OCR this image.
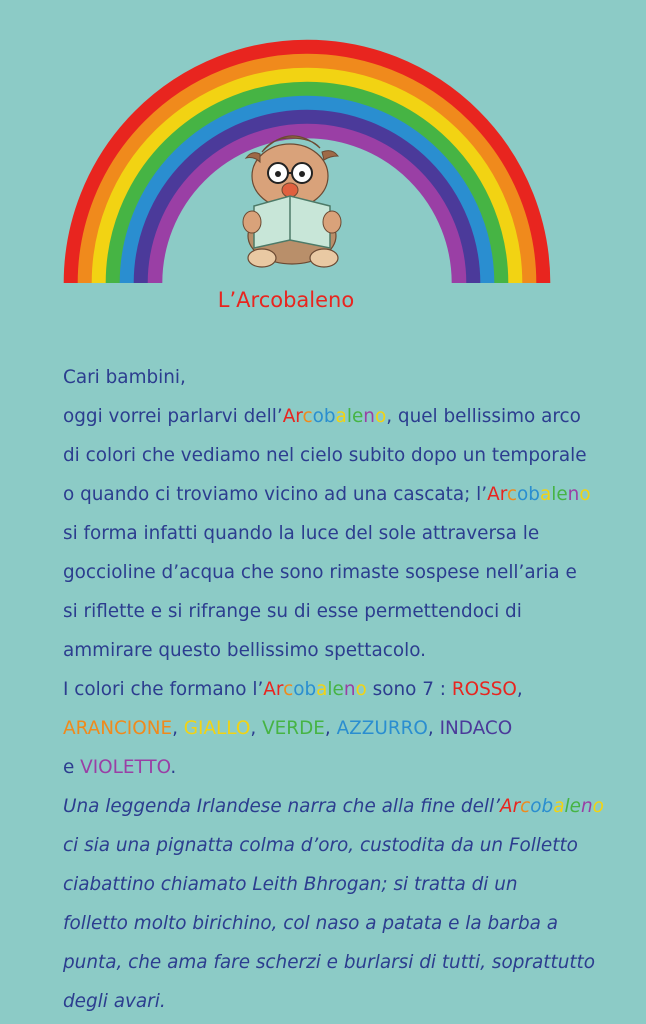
L’Arcobaleno
Cari bambini,
oggi vorrei parlarvi dell’Arcobaleno, quel bellissimo arco
di colori che vediamo nel cielo subito dopo un temporale
o quando ci troviamo vicino ad una cascata; l’Arcobaleno
si forma infatti quando la luce del sole attraversa le
goccioline d’acqua che sono rimaste sospese nell’aria e
si riflette e si rifrange su di esse permettendoci di
ammirare questo bellissimo spettacolo.
I colori che formano l’Arcobaleno sono 7 : ROSSO,
ARANCIONE, GIALLO, VERDE, AZZURRO, INDACO
e VIOLETTO.
Una leggenda Irlandese narra che alla fine dell’Arcobaleno
ci sia una pignatta colma d’oro, custodita da un Folletto
ciabattino chiamato Leith Bhrogan; si tratta di un
folletto molto birichino, col naso a patata e la barba a
punta, che ama fare scherzi e burlarsi di tutti, soprattutto
degli avari.
